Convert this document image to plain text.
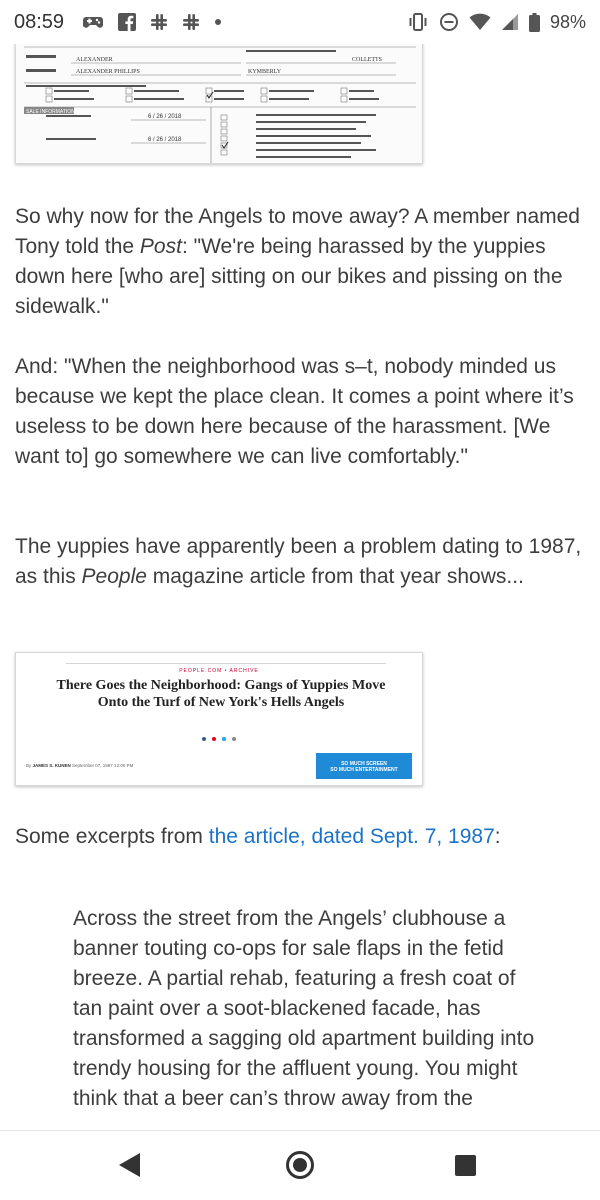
08:59	98%
ALEXANDER
ALEXANDER PHILLIPS
COLLETTS
KYMBERLY
6 / 26 / 2018
6 / 26 / 2018
SALE INFORMATION

So why now for the Angels to move away? A member named Tony told the Post: "We're being harassed by the yuppies down here [who are] sitting on our bikes and pissing on the sidewalk."

And: "When the neighborhood was s–t, nobody minded us because we kept the place clean. It comes a point where it’s useless to be down here because of the harassment. [We want to] go somewhere we can live comfortably."

The yuppies have apparently been a problem dating to 1987, as this People magazine article from that year shows...

PEOPLE.COM • ARCHIVE
There Goes the Neighborhood: Gangs of Yuppies Move Onto the Turf of New York's Hells Angels
By JAMES S. KUNEN September 07, 1987 12:00 PM	SO MUCH SCREEN
SO MUCH ENTERTAINMENT

Some excerpts from the article, dated Sept. 7, 1987:

Across the street from the Angels’ clubhouse a banner touting co-ops for sale flaps in the fetid breeze. A partial rehab, featuring a fresh coat of tan paint over a soot-blackened facade, has transformed a sagging old apartment building into trendy housing for the affluent young. You might think that a beer can’s throw away from the
